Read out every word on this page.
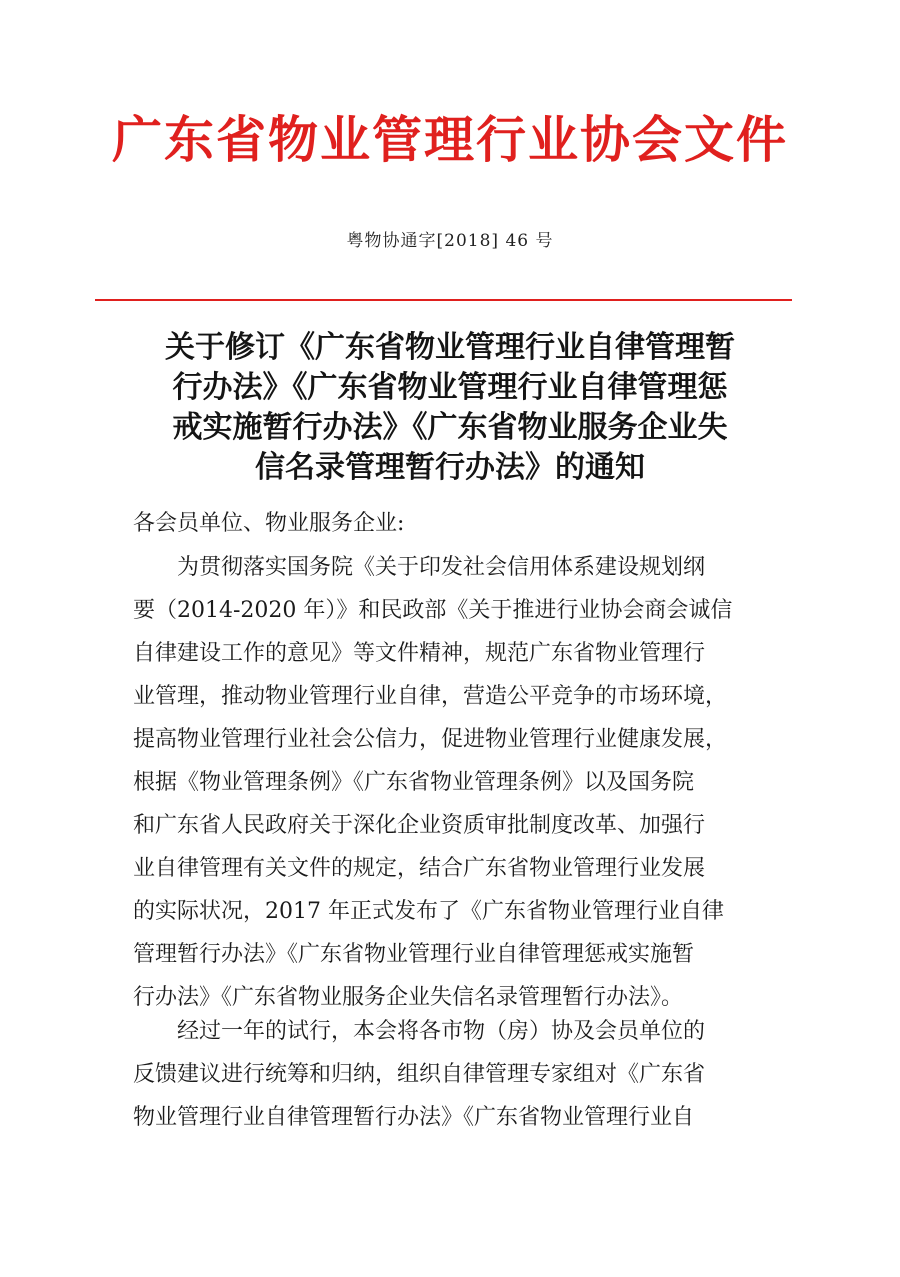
广东省物业管理行业协会文件
粤物协通字[2018] 46 号
关于修订《广东省物业管理行业自律管理暂
行办法》《广东省物业管理行业自律管理惩
戒实施暂行办法》《广东省物业服务企业失
信名录管理暂行办法》的通知
各会员单位、物业服务企业:
为贯彻落实国务院《关于印发社会信用体系建设规划纲
要（2014-2020 年）》和民政部《关于推进行业协会商会诚信
自律建设工作的意见》等文件精神，规范广东省物业管理行
业管理，推动物业管理行业自律，营造公平竞争的市场环境，
提高物业管理行业社会公信力，促进物业管理行业健康发展，
根据《物业管理条例》《广东省物业管理条例》以及国务院
和广东省人民政府关于深化企业资质审批制度改革、加强行
业自律管理有关文件的规定，结合广东省物业管理行业发展
的实际状况，2017 年正式发布了《广东省物业管理行业自律
管理暂行办法》《广东省物业管理行业自律管理惩戒实施暂
行办法》《广东省物业服务企业失信名录管理暂行办法》。
经过一年的试行，本会将各市物（房）协及会员单位的
反馈建议进行统筹和归纳，组织自律管理专家组对《广东省
物业管理行业自律管理暂行办法》《广东省物业管理行业自
